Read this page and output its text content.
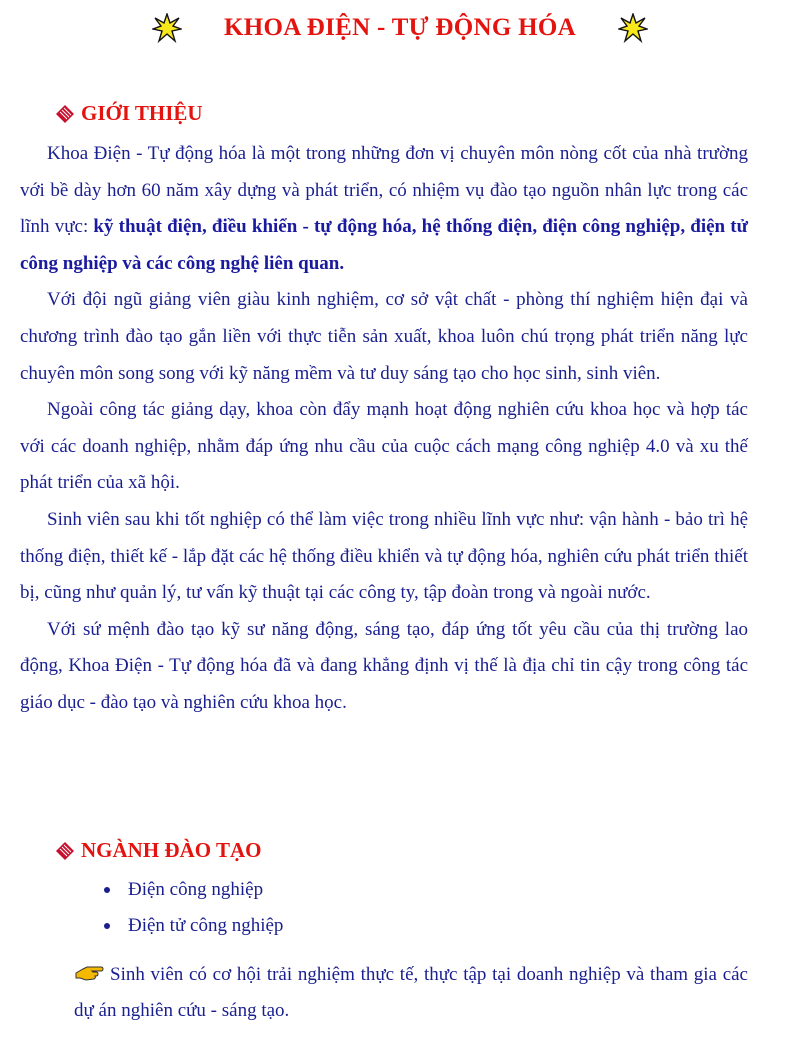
KHOA ĐIỆN - TỰ ĐỘNG HÓA
GIỚI THIỆU

Khoa Điện - Tự động hóa là một trong những đơn vị chuyên môn nòng cốt của nhà trường với bề dày hơn 60 năm xây dựng và phát triển, có nhiệm vụ đào tạo nguồn nhân lực trong các lĩnh vực: kỹ thuật điện, điều khiển - tự động hóa, hệ thống điện, điện công nghiệp, điện tử công nghiệp và các công nghệ liên quan.

Với đội ngũ giảng viên giàu kinh nghiệm, cơ sở vật chất - phòng thí nghiệm hiện đại và chương trình đào tạo gắn liền với thực tiễn sản xuất, khoa luôn chú trọng phát triển năng lực chuyên môn song song với kỹ năng mềm và tư duy sáng tạo cho học sinh, sinh viên.

Ngoài công tác giảng dạy, khoa còn đẩy mạnh hoạt động nghiên cứu khoa học và hợp tác với các doanh nghiệp, nhằm đáp ứng nhu cầu của cuộc cách mạng công nghiệp 4.0 và xu thế phát triển của xã hội.

Sinh viên sau khi tốt nghiệp có thể làm việc trong nhiều lĩnh vực như: vận hành - bảo trì hệ thống điện, thiết kế - lắp đặt các hệ thống điều khiển và tự động hóa, nghiên cứu phát triển thiết bị, cũng như quản lý, tư vấn kỹ thuật tại các công ty, tập đoàn trong và ngoài nước.

Với sứ mệnh đào tạo kỹ sư năng động, sáng tạo, đáp ứng tốt yêu cầu của thị trường lao động, Khoa Điện - Tự động hóa đã và đang khẳng định vị thế là địa chỉ tin cậy trong công tác giáo dục - đào tạo và nghiên cứu khoa học.

NGÀNH ĐÀO TẠO
Điện công nghiệp
Điện tử công nghiệp

Sinh viên có cơ hội trải nghiệm thực tế, thực tập tại doanh nghiệp và tham gia các dự án nghiên cứu - sáng tạo.
